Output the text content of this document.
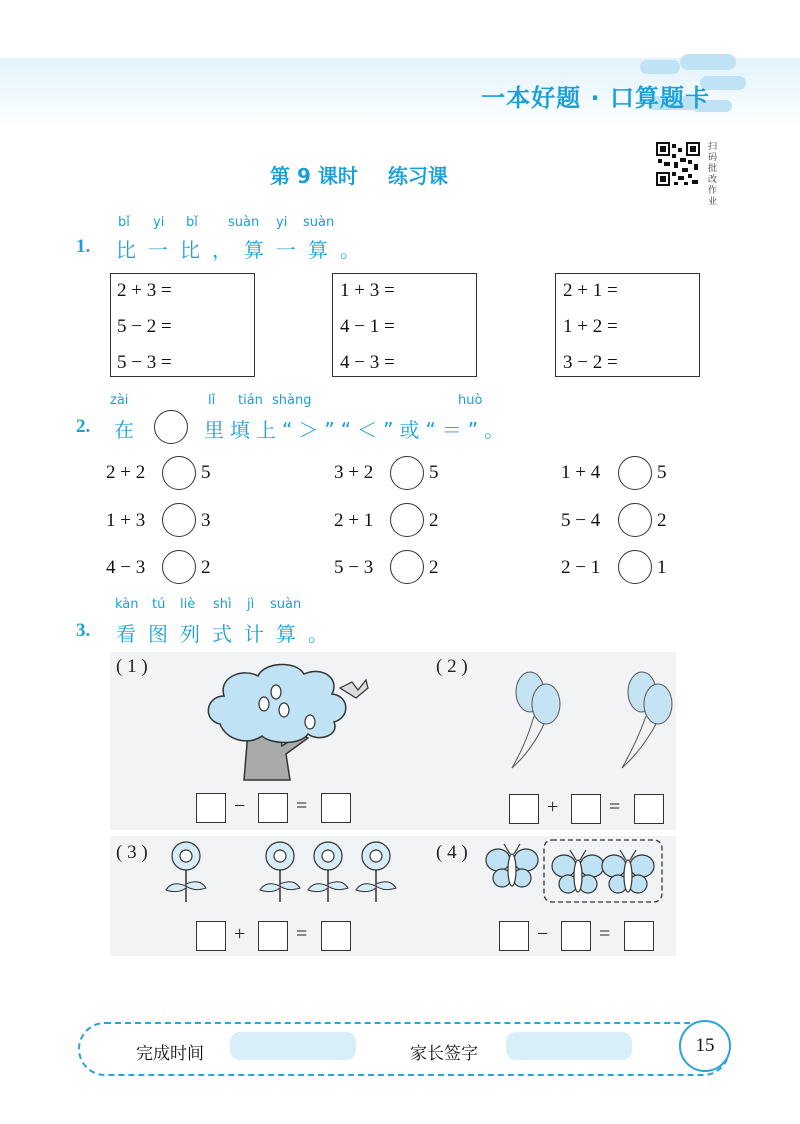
一本好题 · 口算题卡
第 9 课时 练习课
扫码批改作业
bǐ yi bǐ suàn yi suàn
1. 比一比，算一算。
2 + 3 =
5 − 2 =
5 − 3 =
1 + 3 =
4 − 1 =
4 − 3 =
2 + 1 =
1 + 2 =
3 − 2 =
zài	lǐ tián shàng	huò
2. 在	里填上“＞”“＜”或“＝”。
2 + 2	5	3 + 2	5	1 + 4	5
1 + 3	3	2 + 1	2	5 − 4	2
4 − 3	2	5 − 3	2	2 − 1	1
kàn tú liè shì jì suàn
3. 看图列式计算。
( 1 )
−	=
( 2 )
+	=
( 3 )
+	=
( 4 )
−	=
完成时间	家长签字	15
